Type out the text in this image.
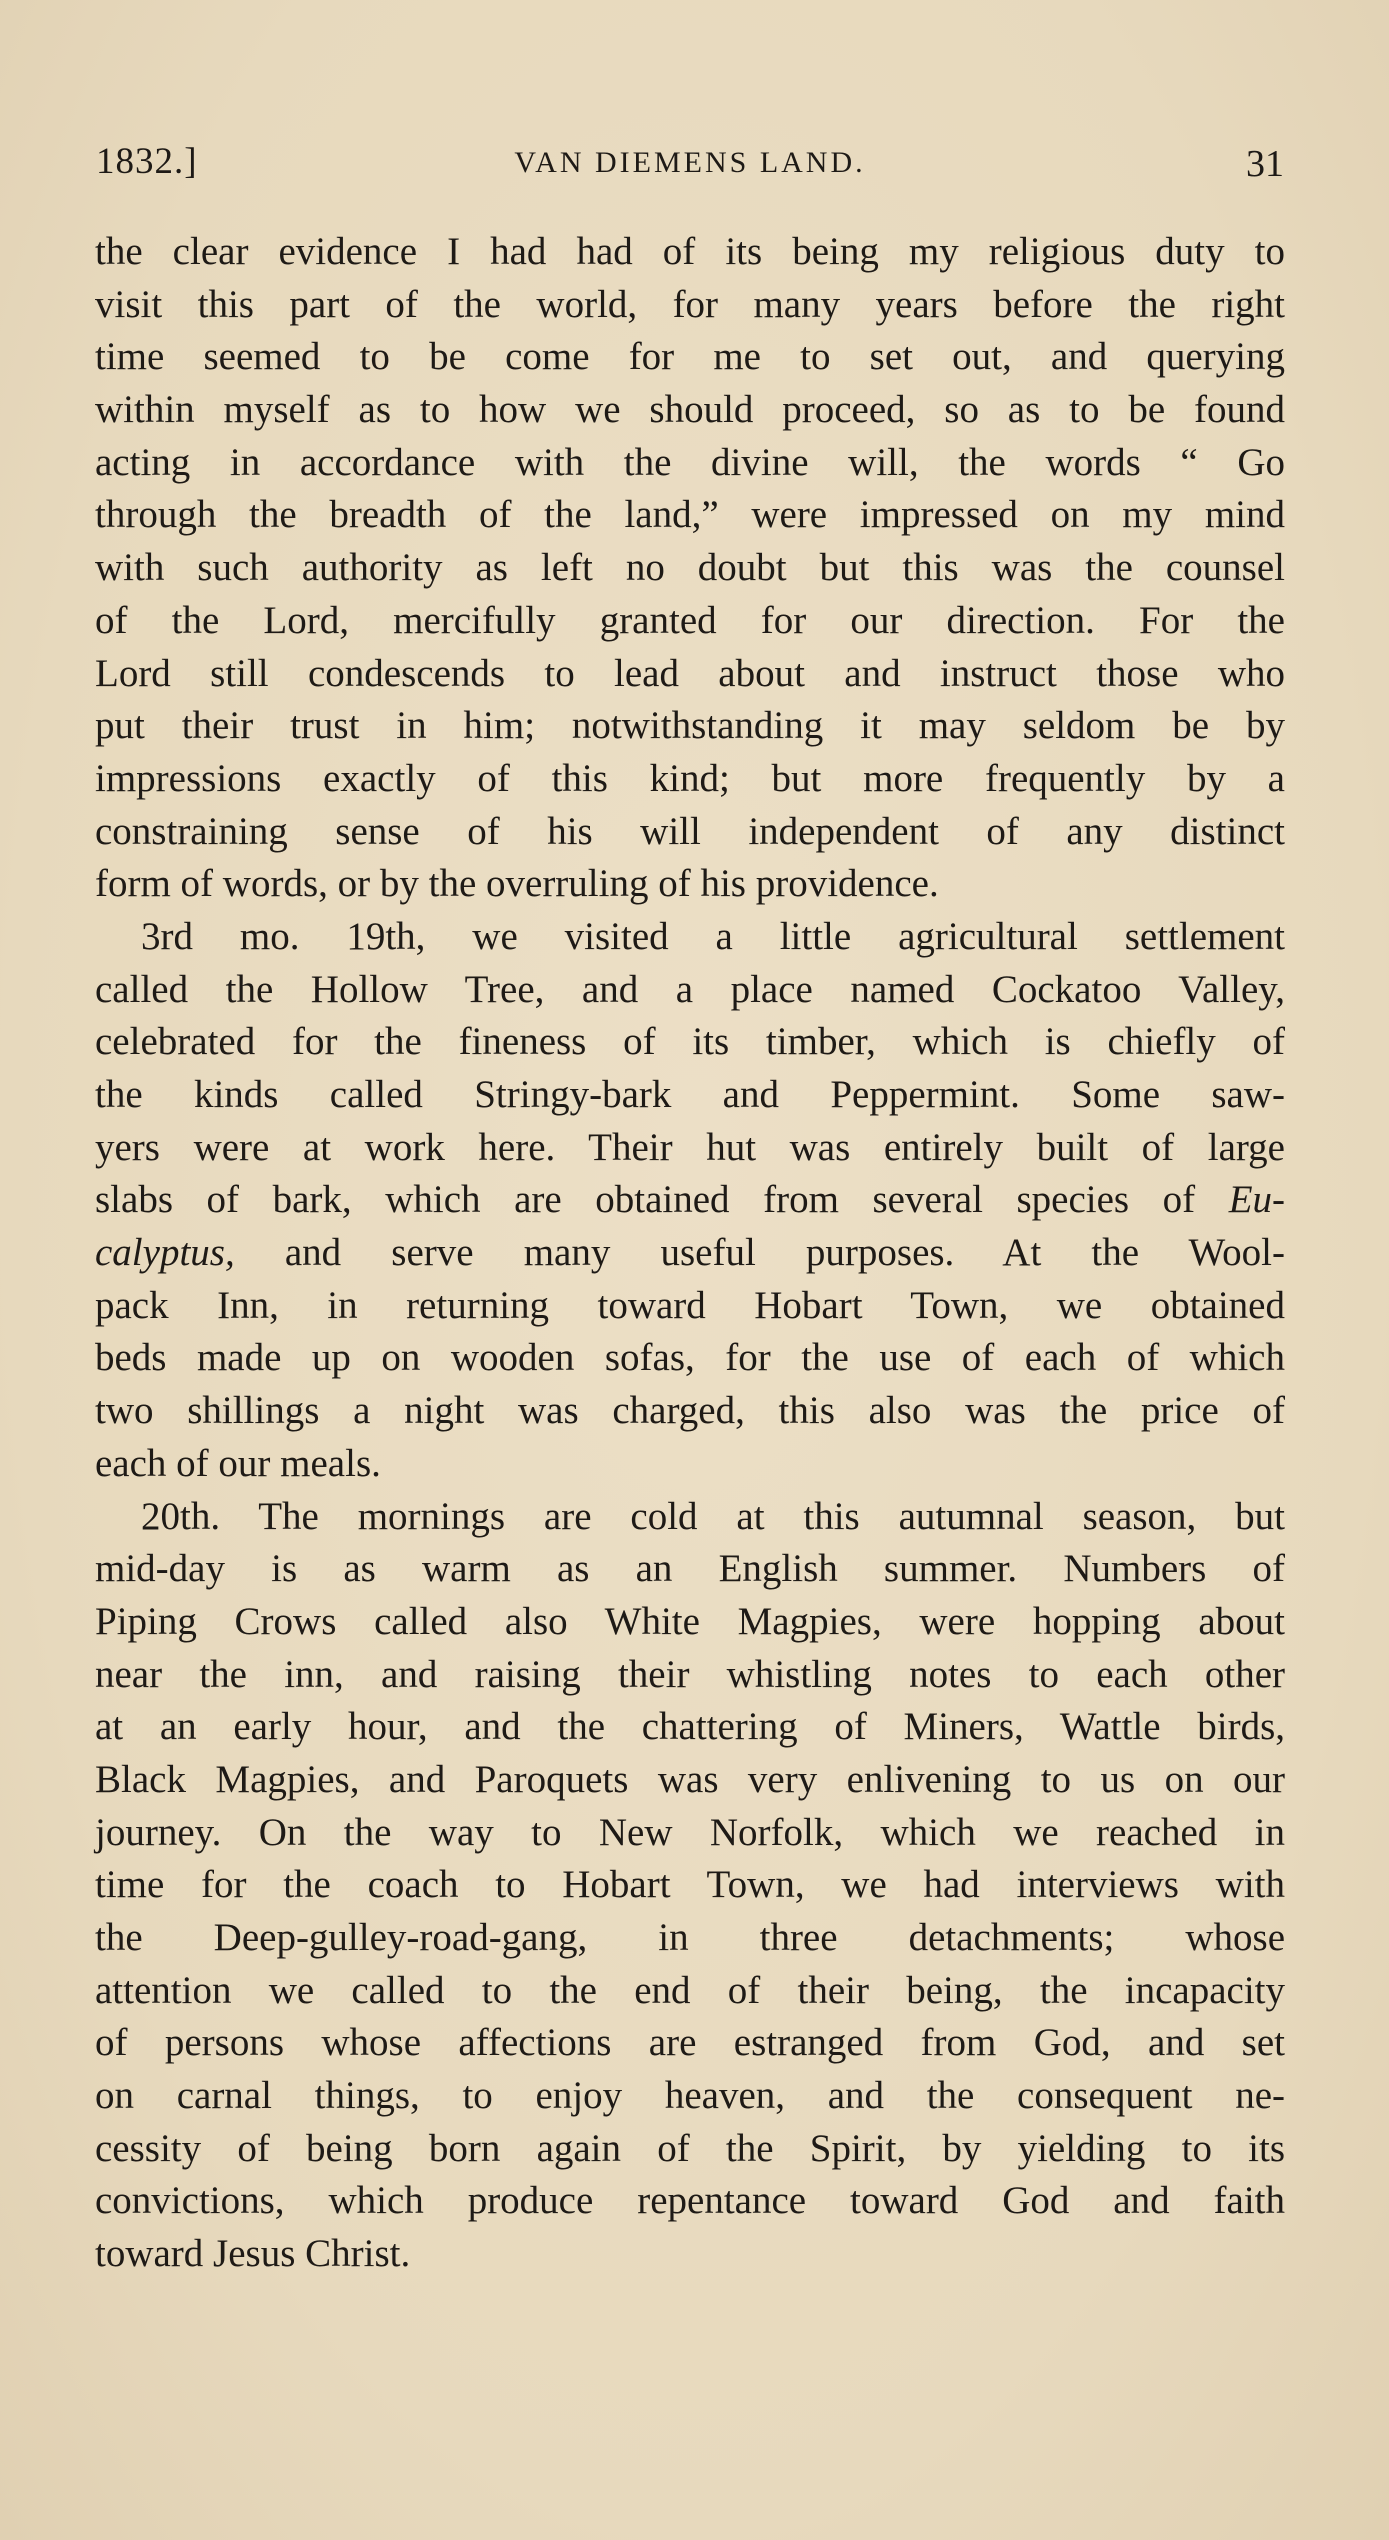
1832.]	VAN DIEMENS LAND.	31
the clear evidence I had had of its being my religious duty to
visit this part of the world, for many years before the right
time seemed to be come for me to set out, and querying
within myself as to how we should proceed, so as to be found
acting in accordance with the divine will, the words “ Go
through the breadth of the land,” were impressed on my mind
with such authority as left no doubt but this was the counsel
of the Lord, mercifully granted for our direction. For the
Lord still condescends to lead about and instruct those who
put their trust in him; notwithstanding it may seldom be by
impressions exactly of this kind; but more frequently by a
constraining sense of his will independent of any distinct
form of words, or by the overruling of his providence.
3rd mo. 19th, we visited a little agricultural settlement
called the Hollow Tree, and a place named Cockatoo Valley,
celebrated for the fineness of its timber, which is chiefly of
the kinds called Stringy-bark and Peppermint. Some saw-
yers were at work here. Their hut was entirely built of large
slabs of bark, which are obtained from several species of Eu-
calyptus, and serve many useful purposes. At the Wool-
pack Inn, in returning toward Hobart Town, we obtained
beds made up on wooden sofas, for the use of each of which
two shillings a night was charged, this also was the price of
each of our meals.
20th. The mornings are cold at this autumnal season, but
mid-day is as warm as an English summer. Numbers of
Piping Crows called also White Magpies, were hopping about
near the inn, and raising their whistling notes to each other
at an early hour, and the chattering of Miners, Wattle birds,
Black Magpies, and Paroquets was very enlivening to us on our
journey. On the way to New Norfolk, which we reached in
time for the coach to Hobart Town, we had interviews with
the Deep-gulley-road-gang, in three detachments; whose
attention we called to the end of their being, the incapacity
of persons whose affections are estranged from God, and set
on carnal things, to enjoy heaven, and the consequent ne-
cessity of being born again of the Spirit, by yielding to its
convictions, which produce repentance toward God and faith
toward Jesus Christ.
